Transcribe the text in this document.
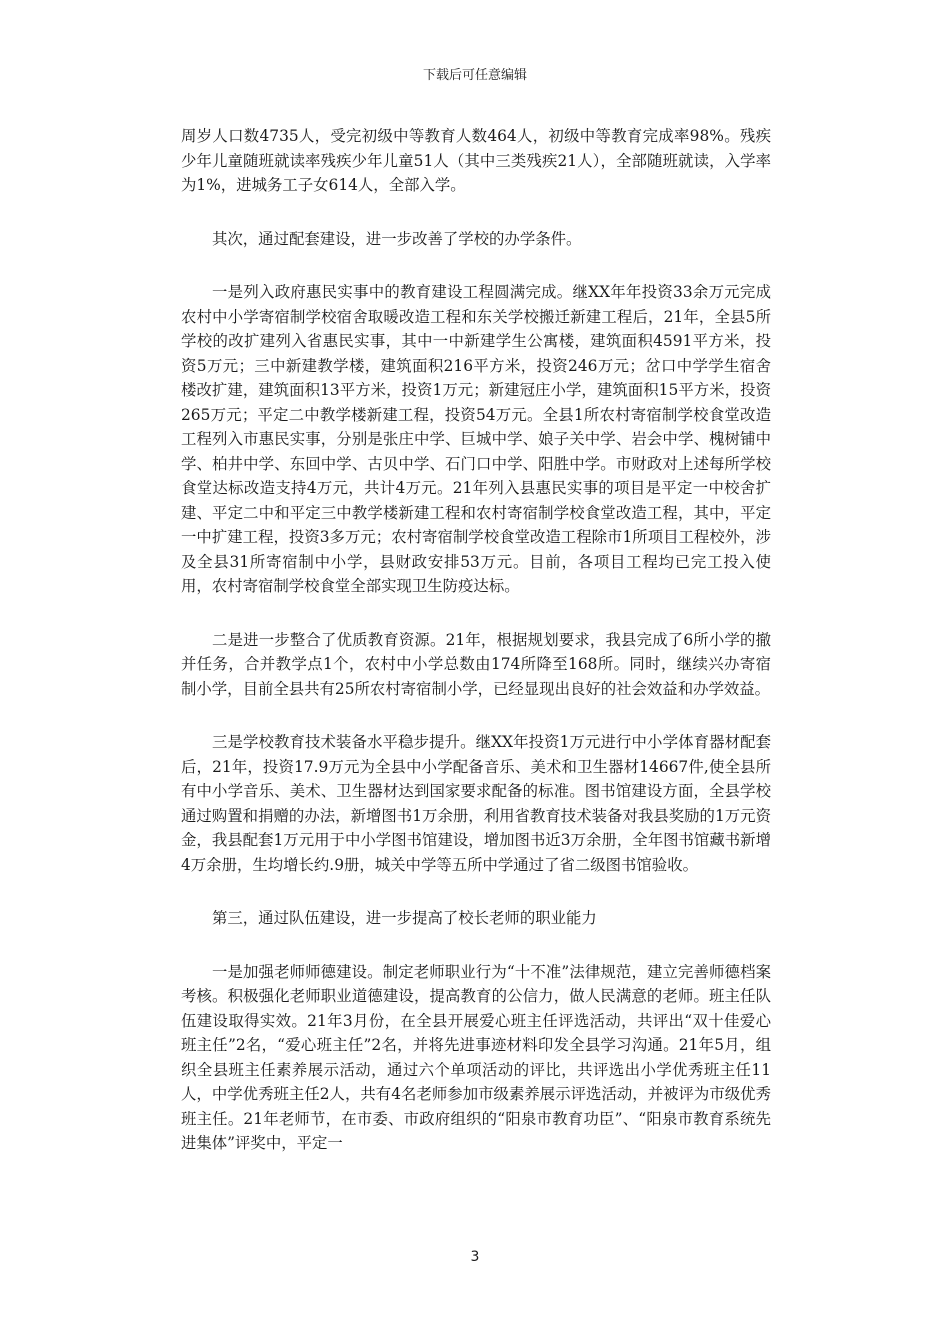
下载后可任意编辑

周岁人口数4735人，受完初级中等教育人数464人，初级中等教育完成率98%。残疾少年儿童随班就读率残疾少年儿童51人（其中三类残疾21人），全部随班就读，入学率为1%，进城务工子女614人，全部入学。

其次，通过配套建设，进一步改善了学校的办学条件。

一是列入政府惠民实事中的教育建设工程圆满完成。继XX年年投资33余万元完成农村中小学寄宿制学校宿舍取暖改造工程和东关学校搬迁新建工程后，21年，全县5所学校的改扩建列入省惠民实事，其中一中新建学生公寓楼，建筑面积4591平方米，投资5万元；三中新建教学楼，建筑面积216平方米，投资246万元；岔口中学学生宿舍楼改扩建，建筑面积13平方米，投资1万元；新建冠庄小学，建筑面积15平方米，投资265万元；平定二中教学楼新建工程，投资54万元。全县1所农村寄宿制学校食堂改造工程列入市惠民实事，分别是张庄中学、巨城中学、娘子关中学、岩会中学、槐树铺中学、柏井中学、东回中学、古贝中学、石门口中学、阳胜中学。市财政对上述每所学校食堂达标改造支持4万元，共计4万元。21年列入县惠民实事的项目是平定一中校舍扩建、平定二中和平定三中教学楼新建工程和农村寄宿制学校食堂改造工程，其中，平定一中扩建工程，投资3多万元；农村寄宿制学校食堂改造工程除市1所项目工程校外，涉及全县31所寄宿制中小学，县财政安排53万元。目前，各项目工程均已完工投入使用，农村寄宿制学校食堂全部实现卫生防疫达标。

二是进一步整合了优质教育资源。21年，根据规划要求，我县完成了6所小学的撤并任务，合并教学点1个，农村中小学总数由174所降至168所。同时，继续兴办寄宿制小学，目前全县共有25所农村寄宿制小学，已经显现出良好的社会效益和办学效益。

三是学校教育技术装备水平稳步提升。继XX年投资1万元进行中小学体育器材配套后，21年，投资17.9万元为全县中小学配备音乐、美术和卫生器材14667件,使全县所有中小学音乐、美术、卫生器材达到国家要求配备的标准。图书馆建设方面，全县学校通过购置和捐赠的办法，新增图书1万余册，利用省教育技术装备对我县奖励的1万元资金，我县配套1万元用于中小学图书馆建设，增加图书近3万余册，全年图书馆藏书新增4万余册，生均增长约.9册，城关中学等五所中学通过了省二级图书馆验收。

第三，通过队伍建设，进一步提高了校长老师的职业能力

一是加强老师师德建设。制定老师职业行为“十不准”法律规范，建立完善师德档案考核。积极强化老师职业道德建设，提高教育的公信力，做人民满意的老师。班主任队伍建设取得实效。21年3月份，在全县开展爱心班主任评选活动，共评出“双十佳爱心班主任”2名，“爱心班主任”2名，并将先进事迹材料印发全县学习沟通。21年5月，组织全县班主任素养展示活动，通过六个单项活动的评比，共评选出小学优秀班主任11人，中学优秀班主任2人，共有4名老师参加市级素养展示评选活动，并被评为市级优秀班主任。21年老师节，在市委、市政府组织的“阳泉市教育功臣”、“阳泉市教育系统先进集体”评奖中，平定一

3
